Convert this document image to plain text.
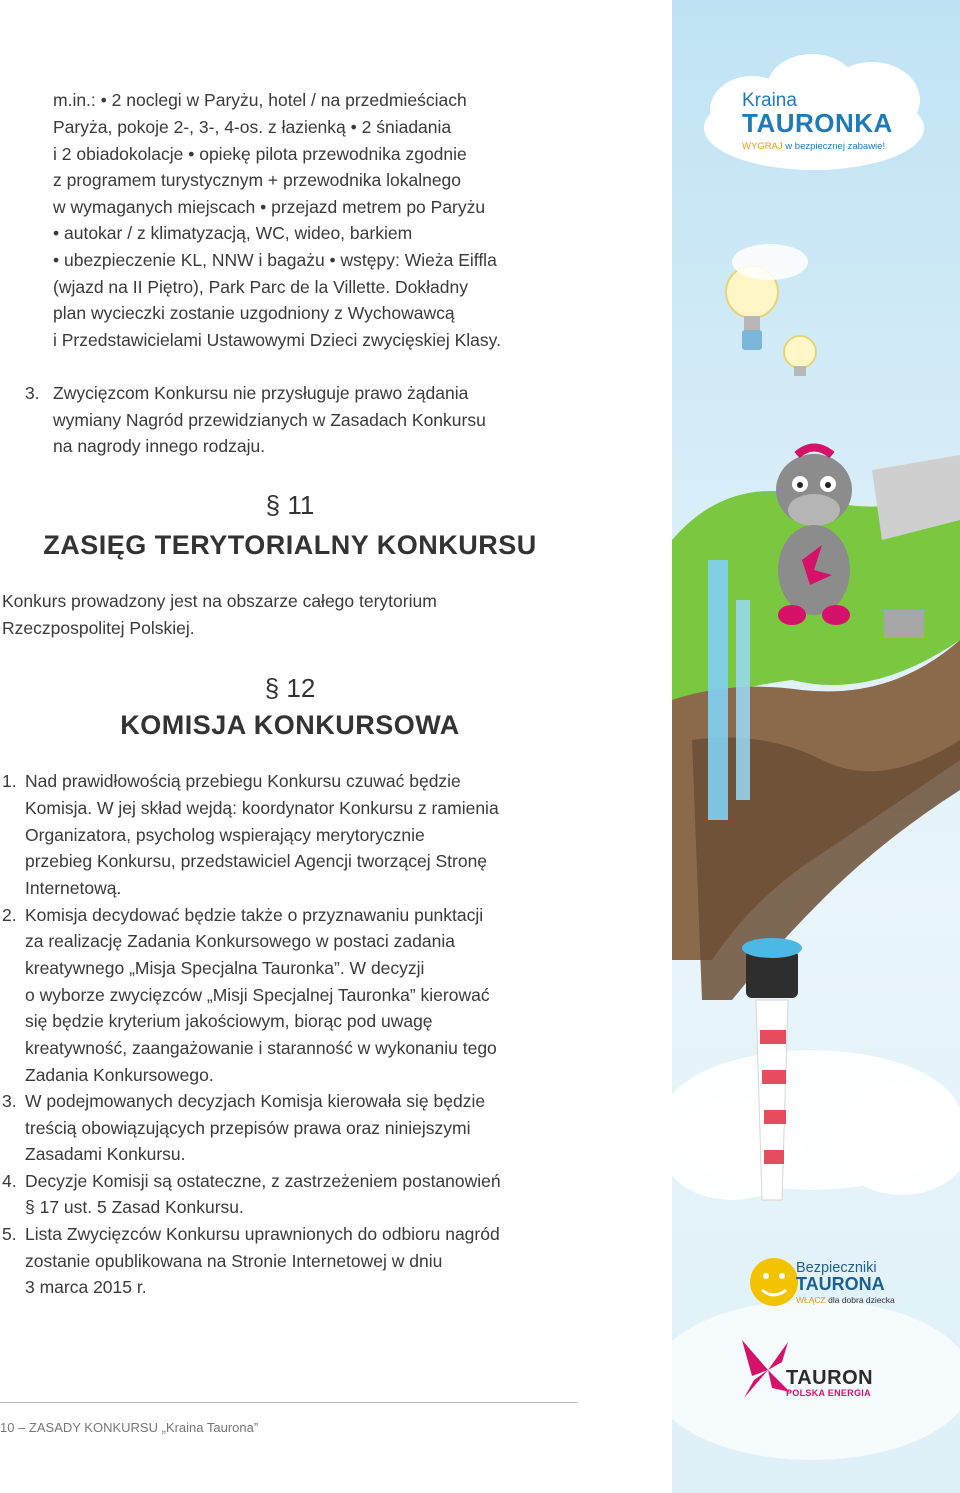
m.in.: • 2 noclegi w Paryżu, hotel / na przedmieściach
Paryża, pokoje 2-, 3-, 4-os. z łazienką • 2 śniadania
i 2 obiadokolacje • opiekę pilota przewodnika zgodnie
z programem turystycznym + przewodnika lokalnego
w wymaganych miejscach • przejazd metrem po Paryżu
• autokar / z klimatyzacją, WC, wideo, barkiem
• ubezpieczenie KL, NNW i bagażu • wstępy: Wieża Eiffla
(wjazd na II Piętro), Park Parc de la Villette. Dokładny
plan wycieczki zostanie uzgodniony z Wychowawcą
i Przedstawicielami Ustawowymi Dzieci zwycięskiej Klasy.
3. Zwycięzcom Konkursu nie przysługuje prawo żądania
wymiany Nagród przewidzianych w Zasadach Konkursu
na nagrody innego rodzaju.
§ 11
ZASIĘG TERYTORIALNY KONKURSU
Konkurs prowadzony jest na obszarze całego terytorium
Rzeczpospolitej Polskiej.
§ 12
KOMISJA KONKURSOWA
1. Nad prawidłowością przebiegu Konkursu czuwać będzie
Komisja. W jej skład wejdą: koordynator Konkursu z ramienia
Organizatora, psycholog wspierający merytorycznie
przebieg Konkursu, przedstawiciel Agencji tworzącej Stronę
Internetową.
2. Komisja decydować będzie także o przyznawaniu punktacji
za realizację Zadania Konkursowego w postaci zadania
kreatywnego „Misja Specjalna Tauronka”. W decyzji
o wyborze zwycięzców „Misji Specjalnej Tauronka” kierować
się będzie kryterium jakościowym, biorąc pod uwagę
kreatywność, zaangażowanie i staranność w wykonaniu tego
Zadania Konkursowego.
3. W podejmowanych decyzjach Komisja kierowała się będzie
treścią obowiązujących przepisów prawa oraz niniejszymi
Zasadami Konkursu.
4. Decyzje Komisji są ostateczne, z zastrzeżeniem postanowień
§ 17 ust. 5 Zasad Konkursu.
5. Lista Zwycięzców Konkursu uprawnionych do odbioru nagród
zostanie opublikowana na Stronie Internetowej w dniu
3 marca 2015 r.
10 – ZASADY KONKURSU „Kraina Taurona”
Kraina
TAURONKA
WYGRAJ w bezpiecznej zabawie!
Bezpieczniki
TAURONA
WŁĄCZ dla dobra dziecka
TAURON
POLSKA ENERGIA
